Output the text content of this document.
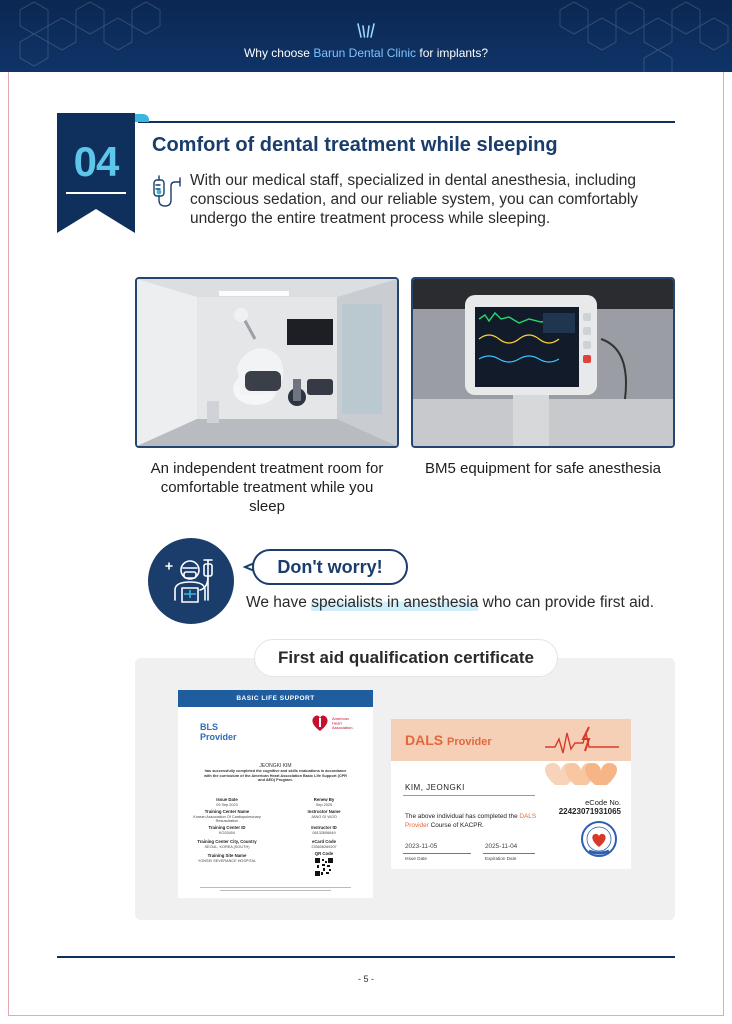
Why choose Barun Dental Clinic for implants?
04	Comfort of dental treatment while sleeping
With our medical staff, specialized in dental anesthesia, including conscious sedation, and our reliable system, you can comfortably undergo the entire treatment process while sleeping.
An independent treatment room for comfortable treatment while you sleep
BM5 equipment for safe anesthesia
Don't worry!
We have specialists in anesthesia who can provide first aid.
First aid qualification certificate
BASIC LIFE SUPPORT
BLS
Provider
American
Heart
Association.
JEONGKI KIM
has successfully completed the cognitive and skills evaluations in accordance with the curriculum of the American Heart Association Basic Life Support (CPR and AED) Program.
Issue Date
09 Sep 2023
Renew By
Sep 2025
Training Center Name
Korean Association Of Cardiopulmonary Resuscitation
Instructor Name
JANG GI WOO
Training Center ID
KO20404
Instructor ID
08132606649
Training Center City, Country
SEOUL, KOREA (SOUTH)
eCard Code
233606269207
Training Site Name
YONSEI SEVERANCE HOSPITAL
QR Code
DALS Provider
KIM, JEONGKI
eCode No.
22423071931065
The above individual has completed the DALS Provider Course of KACPR.
2023-11-05	2025-11-04
Issue Date	Expiration Date
- 5 -
